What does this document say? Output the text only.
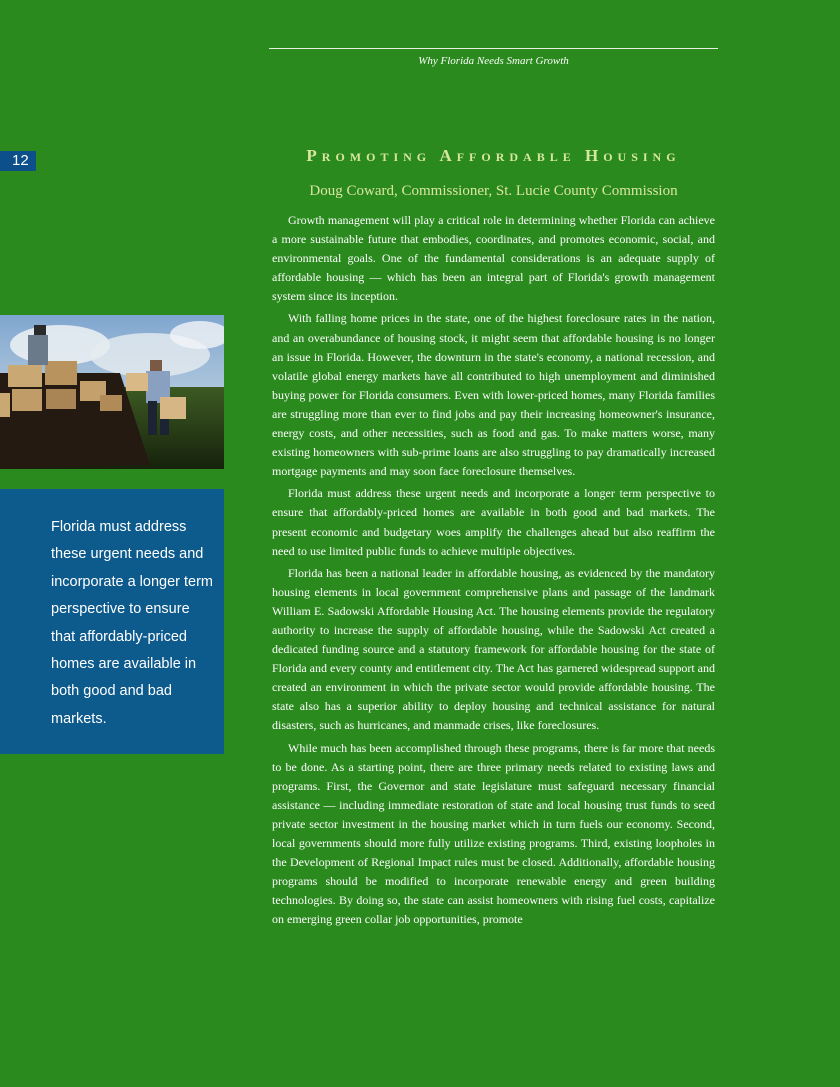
Why Florida Needs Smart Growth
12
Florida must address these urgent needs and incorporate a longer term perspective to ensure that affordably-priced homes are available in both good and bad markets.
Promoting Affordable Housing
Doug Coward, Commissioner, St. Lucie County Commission

Growth management will play a critical role in determining whether Florida can achieve a more sustainable future that embodies, coordinates, and promotes economic, social, and environmental goals. One of the fundamental considerations is an adequate supply of affordable housing — which has been an integral part of Florida's growth management system since its inception.

With falling home prices in the state, one of the highest foreclosure rates in the nation, and an overabundance of housing stock, it might seem that affordable housing is no longer an issue in Florida. However, the downturn in the state's economy, a national recession, and volatile global energy markets have all contributed to high unemployment and diminished buying power for Florida consumers. Even with lower-priced homes, many Florida families are struggling more than ever to find jobs and pay their increasing homeowner's insurance, energy costs, and other necessities, such as food and gas. To make matters worse, many existing homeowners with sub-prime loans are also struggling to pay dramatically increased mortgage payments and may soon face foreclosure themselves.

Florida must address these urgent needs and incorporate a longer term perspective to ensure that affordably-priced homes are available in both good and bad markets. The present economic and budgetary woes amplify the challenges ahead but also reaffirm the need to use limited public funds to achieve multiple objectives.

Florida has been a national leader in affordable housing, as evidenced by the mandatory housing elements in local government comprehensive plans and passage of the landmark William E. Sadowski Affordable Housing Act. The housing elements provide the regulatory authority to increase the supply of affordable housing, while the Sadowski Act created a dedicated funding source and a statutory framework for affordable housing for the state of Florida and every county and entitlement city. The Act has garnered widespread support and created an environment in which the private sector would provide affordable housing. The state also has a superior ability to deploy housing and technical assistance for natural disasters, such as hurricanes, and manmade crises, like foreclosures.

While much has been accomplished through these programs, there is far more that needs to be done. As a starting point, there are three primary needs related to existing laws and programs. First, the Governor and state legislature must safeguard necessary financial assistance — including immediate restoration of state and local housing trust funds to seed private sector investment in the housing market which in turn fuels our economy. Second, local governments should more fully utilize existing programs. Third, existing loopholes in the Development of Regional Impact rules must be closed. Additionally, affordable housing programs should be modified to incorporate renewable energy and green building technologies. By doing so, the state can assist homeowners with rising fuel costs, capitalize on emerging green collar job opportunities, promote
